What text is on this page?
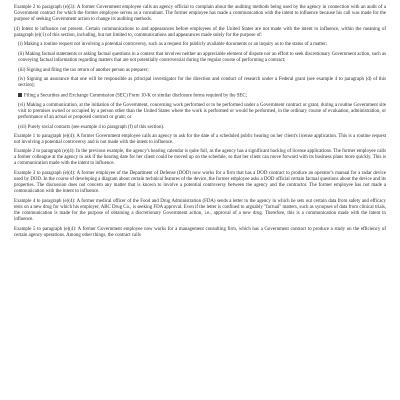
Example 2 to paragraph (e)(3): A former Government employee calls an agency official to complain about the auditing methods being used by the agency in connection with an audit of a Government contract for which the former employee serves as a consultant. The former employee has made a communication with the intent to influence because his call was made for the purpose of seeking Government action to change its auditing methods.

(4) Intent to influence not present. Certain communications to and appearances before employees of the United States are not made with the intent to influence, within the meaning of paragraph (e)(1) of this section, including, but not limited to, communications and appearances made solely for the purpose of:

(i) Making a routine request not involving a potential controversy, such as a request for publicly available documents or an inquiry as to the status of a matter;

(ii) Making factual statements or asking factual questions in a context that involves neither an appreciable element of dispute nor an effort to seek discretionary Government action, such as conveying factual information regarding matters that are not potentially controversial during the regular course of performing a contract;

(iii) Signing and filing the tax return of another person as preparer;

(iv) Signing an assurance that one will be responsible as principal investigator for the direction and conduct of research under a Federal grant (see example 4 to paragraph (d) of this section);

Filing a Securities and Exchange Commission (SEC) Form 10-K or similar disclosure forms required by the SEC;

(vi) Making a communication, at the initiation of the Government, concerning work performed or to be performed under a Government contract or grant, during a routine Government site visit to premises owned or occupied by a person other than the United States where the work is performed or would be performed, in the ordinary course of evaluation, administration, or performance of an actual or proposed contract or grant; or

(vii) Purely social contacts (see example 4 to paragraph (f) of this section).

Example 1 to paragraph (e)(4): A former Government employee calls an agency to ask for the date of a scheduled public hearing on her client's license application. This is a routine request not involving a potential controversy and is not made with the intent to influence.

Example 2 to paragraph (e)(4): In the previous example, the agency's hearing calendar is quite full, as the agency has a significant backlog of license applications. The former employee calls a former colleague at the agency to ask if the hearing date for her client could be moved up on the schedule, so that her client can move forward with its business plans more quickly. This is a communication made with the intent to influence.

Example 3 to paragraph (e)(4): A former employee of the Department of Defense (DOD) now works for a firm that has a DOD contract to produce an operator's manual for a radar device used by DOD. In the course of developing a diagram about certain technical features of the device, the former employee asks a DOD official certain factual questions about the device and its properties. The discussion does not concern any matter that is known to involve a potential controversy between the agency and the contractor. The former employee has not made a communication with the intent to influence.

Example 4 to paragraph (e)(4): A former medical officer of the Food and Drug Administration (FDA) sends a letter to the agency in which he sets out certain data from safety and efficacy tests on a new drug for which his employer, ABC Drug Co., is seeking FDA approval. Even if the letter is confined to arguably "factual" matters, such as synopses of data from clinical trials, the communication is made for the purpose of obtaining a discretionary Government action, i.e., approval of a new drug. Therefore, this is a communication made with the intent to influence.

Example 5 to paragraph (e)(4): A former Government employee now works for a management consulting firm, which has a Government contract to produce a study on the efficiency of certain agency operations. Among other things, the contract calls
